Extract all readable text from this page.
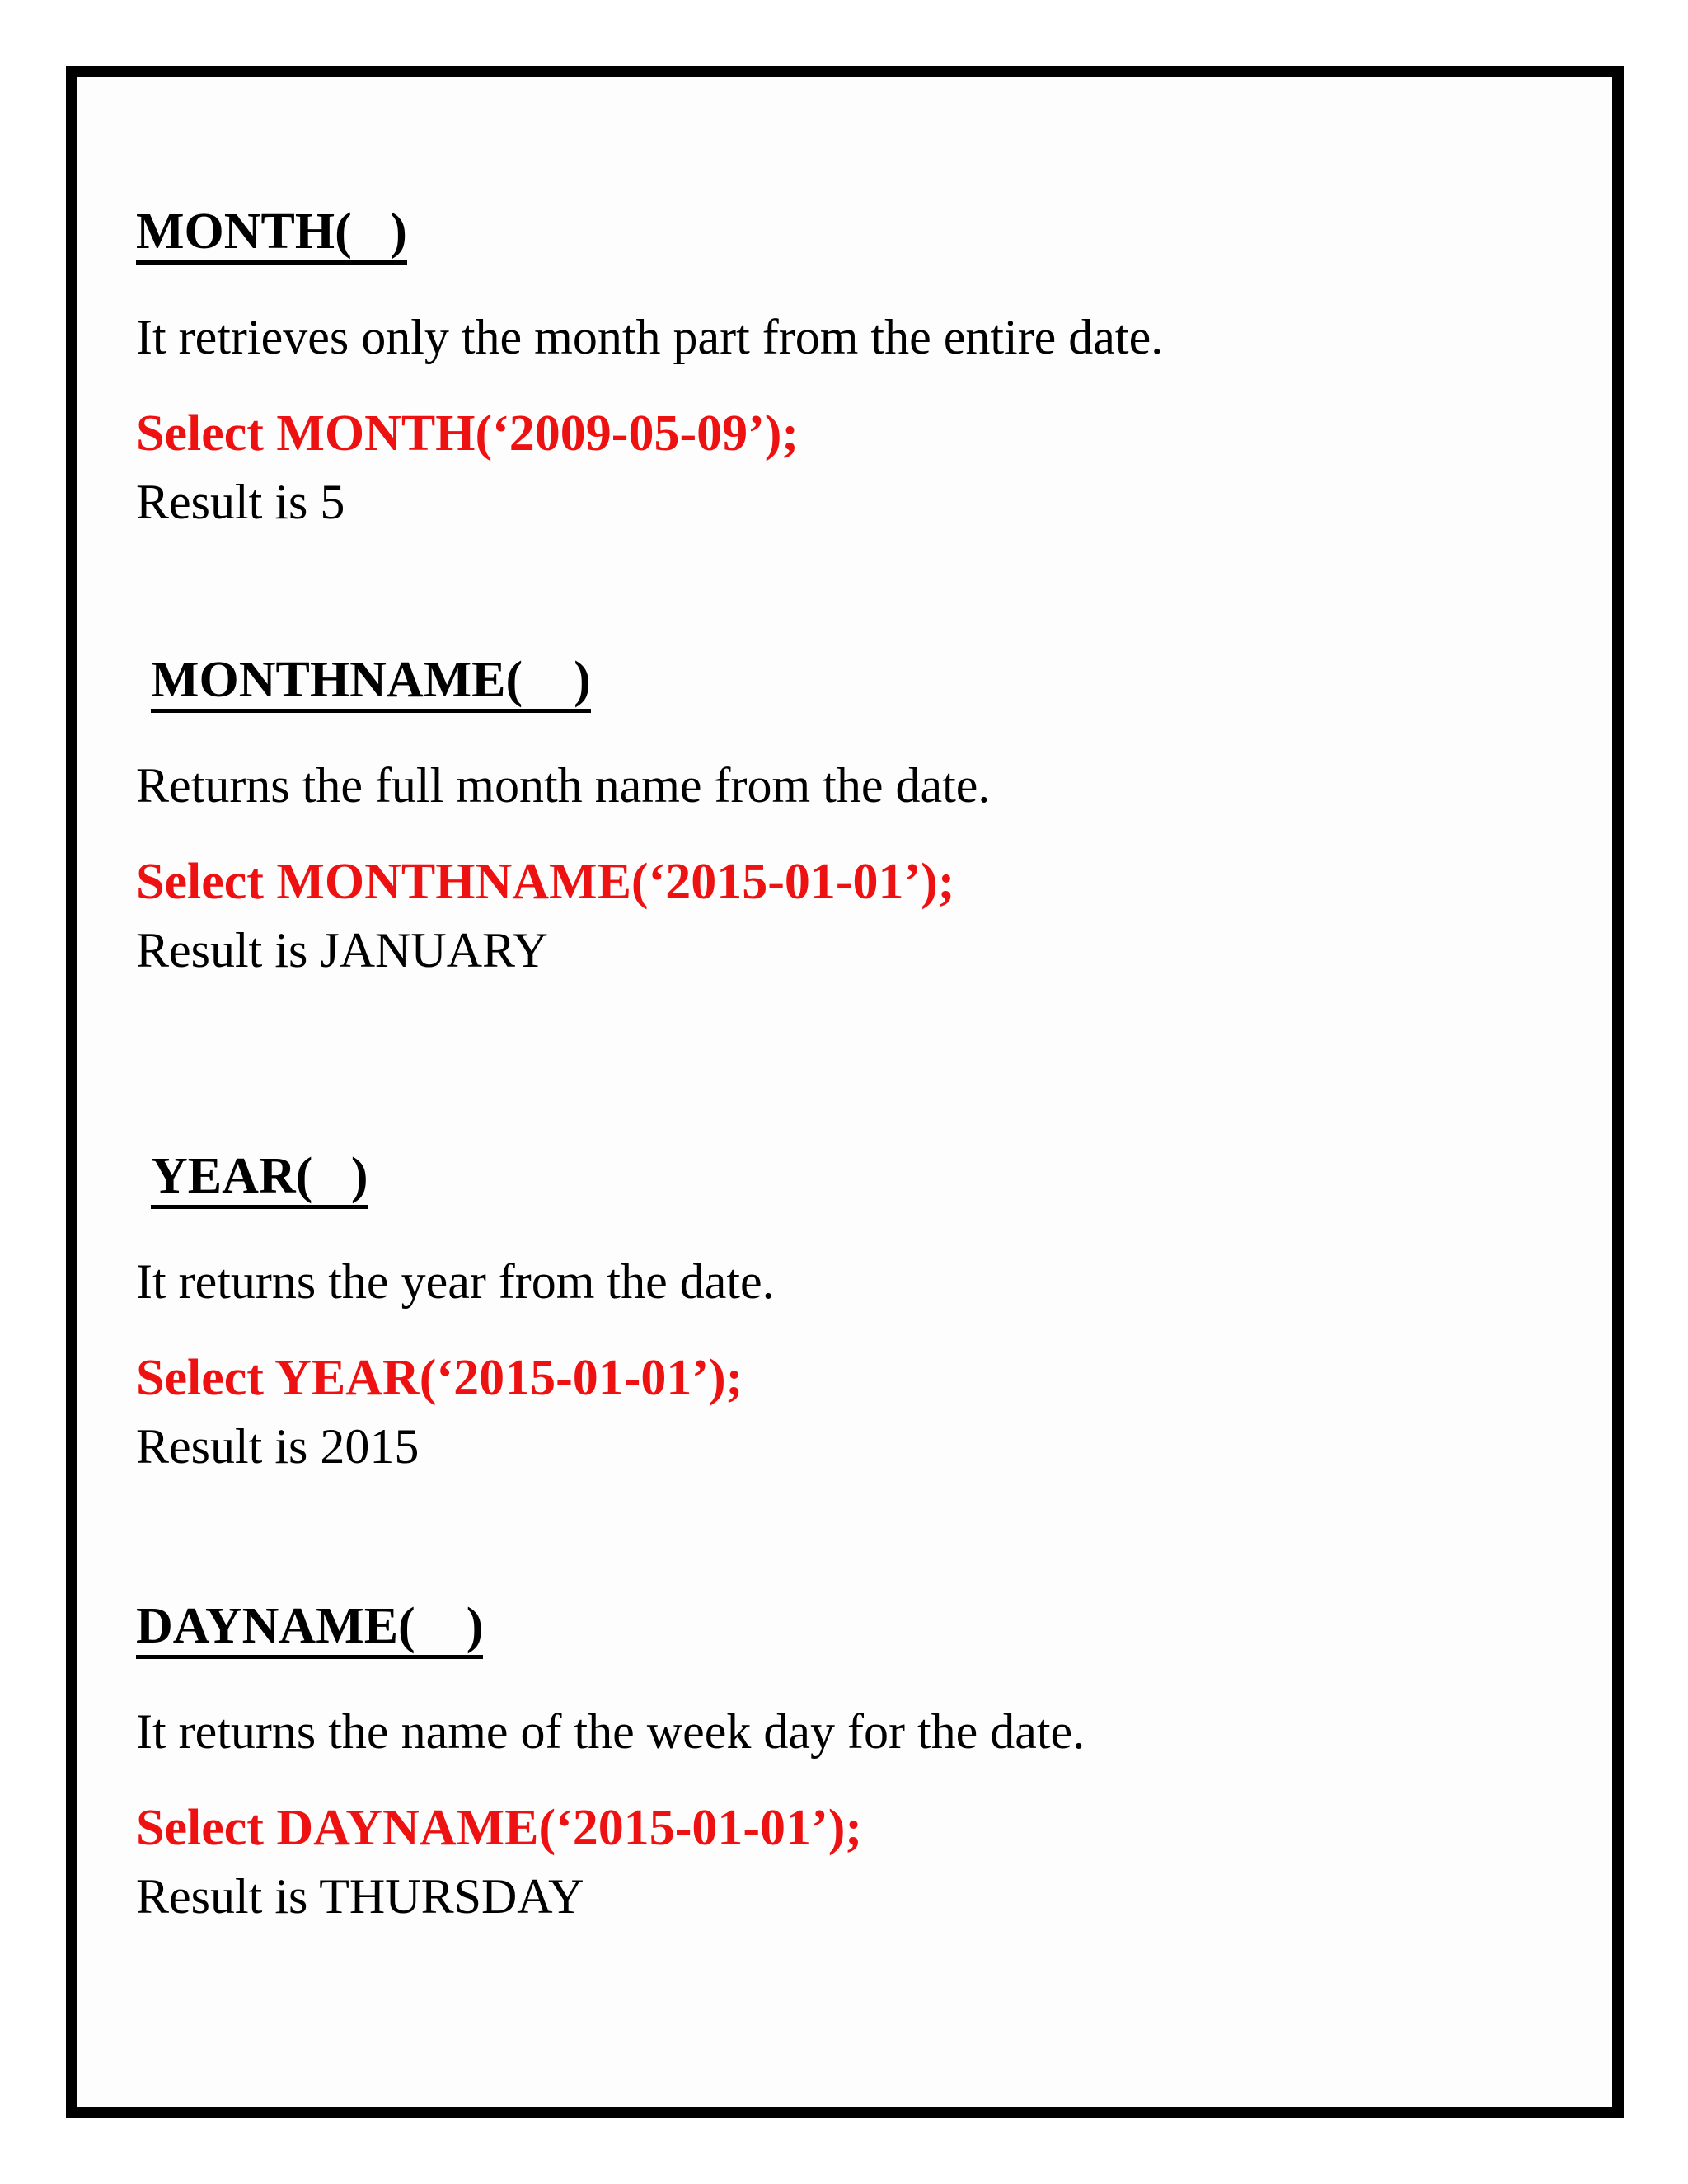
MONTH(   )
It retrieves only the month part from the entire date.
Select MONTH(‘2009-05-09’);
Result is 5
MONTHNAME(    )
Returns the full month name from the date.
Select MONTHNAME(‘2015-01-01’);
Result is JANUARY
YEAR(   )
It returns the year from the date.
Select YEAR(‘2015-01-01’);
Result is 2015
DAYNAME(    )
It returns the name of the week day for the date.
Select DAYNAME(‘2015-01-01’);
Result is THURSDAY
